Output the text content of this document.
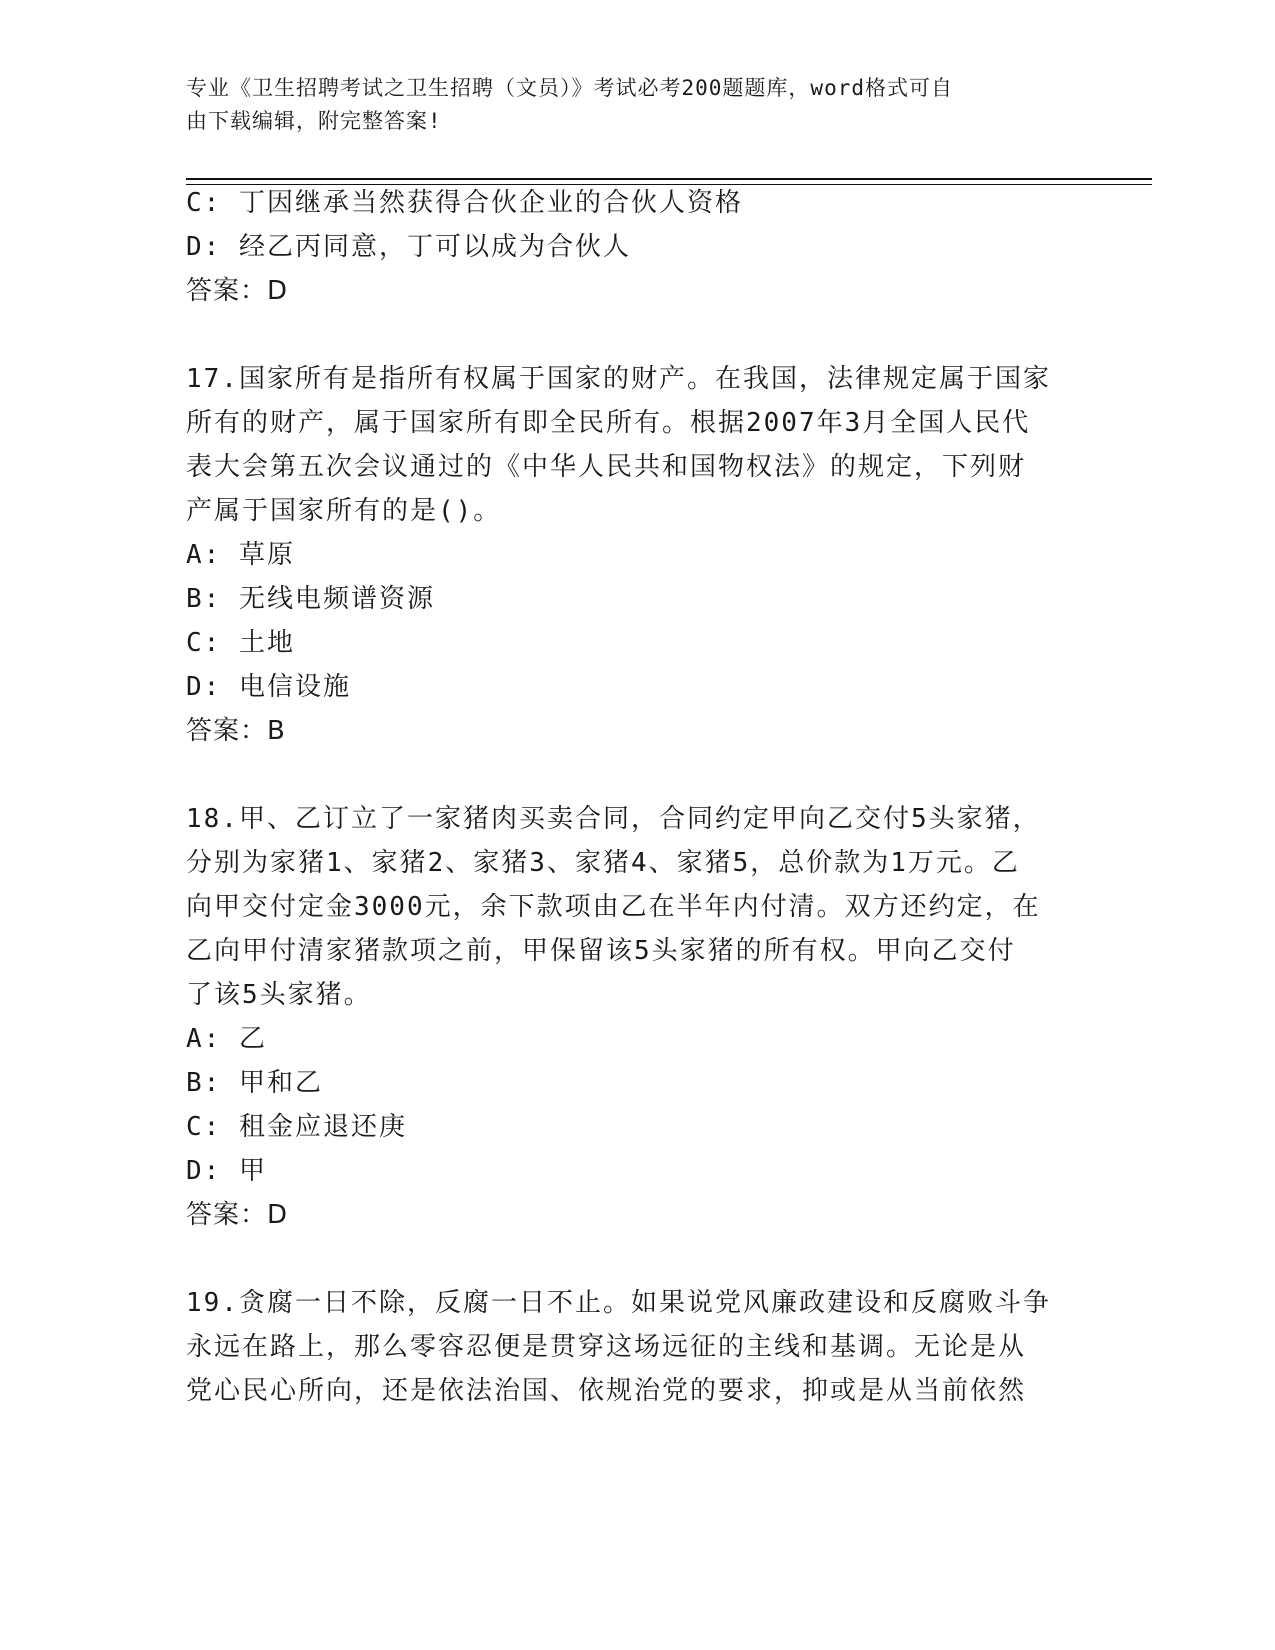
专业《卫生招聘考试之卫生招聘（文员）》考试必考200题题库，word格式可自
由下载编辑，附完整答案!
C: 丁因继承当然获得合伙企业的合伙人资格
D: 经乙丙同意，丁可以成为合伙人
答案：D
17.国家所有是指所有权属于国家的财产。在我国，法律规定属于国家
所有的财产，属于国家所有即全民所有。根据2007年3月全国人民代
表大会第五次会议通过的《中华人民共和国物权法》的规定，下列财
产属于国家所有的是()。
A: 草原
B: 无线电频谱资源
C: 土地
D: 电信设施
答案：B
18.甲、乙订立了一家猪肉买卖合同，合同约定甲向乙交付5头家猪，
分别为家猪1、家猪2、家猪3、家猪4、家猪5，总价款为1万元。乙
向甲交付定金3000元，余下款项由乙在半年内付清。双方还约定，在
乙向甲付清家猪款项之前，甲保留该5头家猪的所有权。甲向乙交付
了该5头家猪。
A: 乙
B: 甲和乙
C: 租金应退还庚
D: 甲
答案：D
19.贪腐一日不除，反腐一日不止。如果说党风廉政建设和反腐败斗争
永远在路上，那么零容忍便是贯穿这场远征的主线和基调。无论是从
党心民心所向，还是依法治国、依规治党的要求，抑或是从当前依然
